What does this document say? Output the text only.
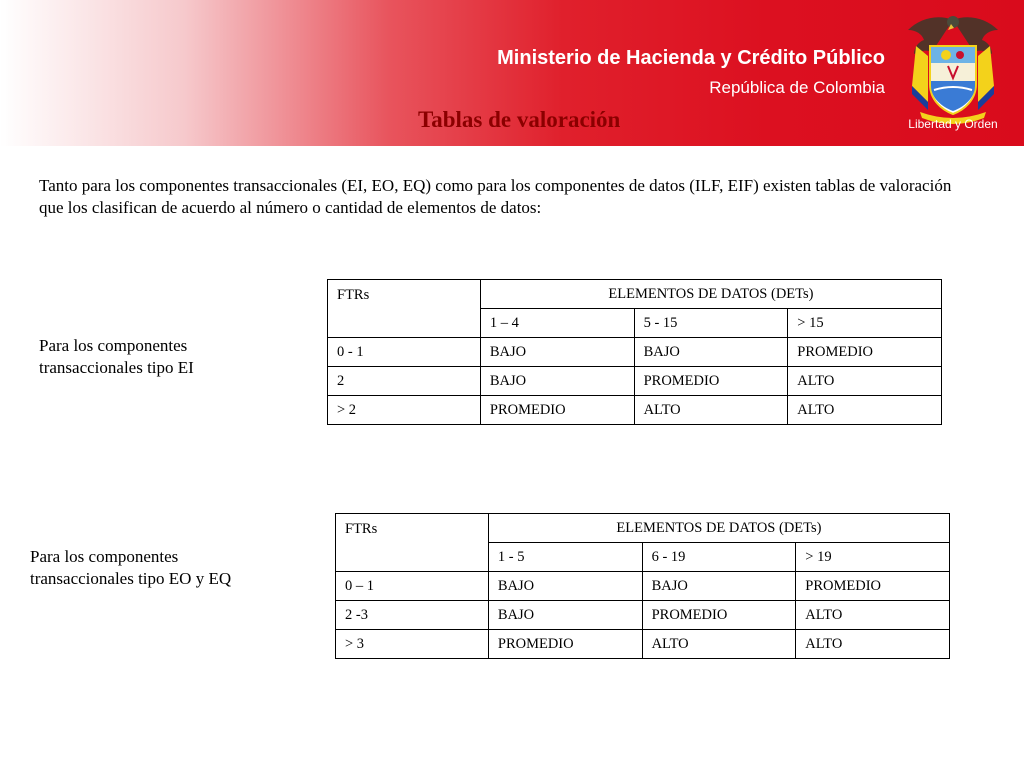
Ministerio de Hacienda y Crédito Público
República de Colombia
Tablas de valoración	Libertad y Orden
Tanto para los componentes transaccionales (EI, EO, EQ) como para los componentes de datos (ILF, EIF) existen tablas de valoración que los clasifican de acuerdo al número o cantidad de elementos de datos:
Para los componentes
transaccionales tipo EI
FTRs	ELEMENTOS DE DATOS (DETs)		
	1 – 4	5 - 15	> 15
0 - 1	BAJO	BAJO	PROMEDIO
2	BAJO	PROMEDIO	ALTO
> 2	PROMEDIO	ALTO	ALTO
Para los componentes
transaccionales tipo EO y EQ
FTRs	ELEMENTOS DE DATOS (DETs)		
	1 - 5	6 - 19	> 19
0 – 1	BAJO	BAJO	PROMEDIO
2 -3	BAJO	PROMEDIO	ALTO
> 3	PROMEDIO	ALTO	ALTO
